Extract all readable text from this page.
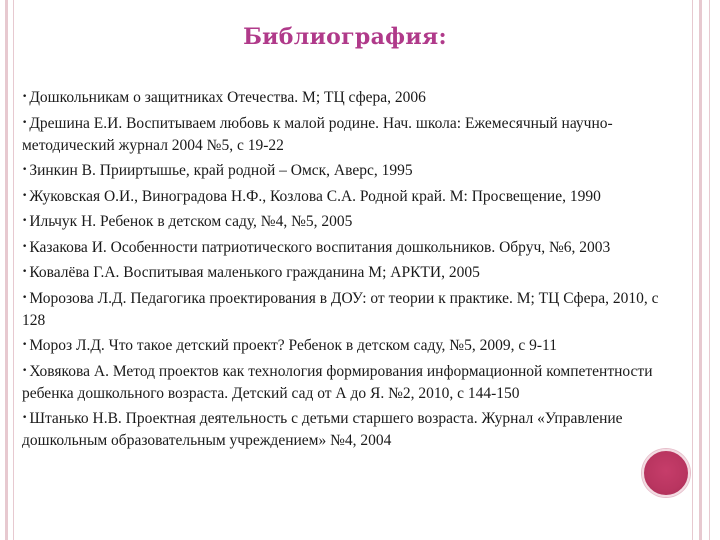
Библиография:
• Дошкольникам о защитниках Отечества. М; ТЦ сфера, 2006
• Дрешина Е.И. Воспитываем любовь к малой родине. Нач. школа: Ежемесячный научно-методический журнал 2004 №5, с 19-22
• Зинкин В. Прииртышье, край родной – Омск, Аверс, 1995
• Жуковская О.И., Виноградова Н.Ф., Козлова С.А. Родной край. М: Просвещение, 1990
• Ильчук Н. Ребенок в детском саду, №4, №5, 2005
• Казакова И. Особенности патриотического воспитания дошкольников. Обруч, №6, 2003
• Ковалёва Г.А. Воспитывая маленького гражданина М; АРКТИ, 2005
• Морозова Л.Д. Педагогика проектирования в ДОУ: от теории к практике. М; ТЦ Сфера, 2010, с 128
• Мороз Л.Д. Что такое детский проект? Ребенок в детском саду, №5, 2009, с 9-11
• Ховякова А. Метод проектов как технология формирования информационной компетентности ребенка дошкольного возраста. Детский сад от А до Я. №2, 2010, с 144-150
• Штанько Н.В. Проектная деятельность с детьми старшего возраста. Журнал «Управление дошкольным образовательным учреждением» №4, 2004
